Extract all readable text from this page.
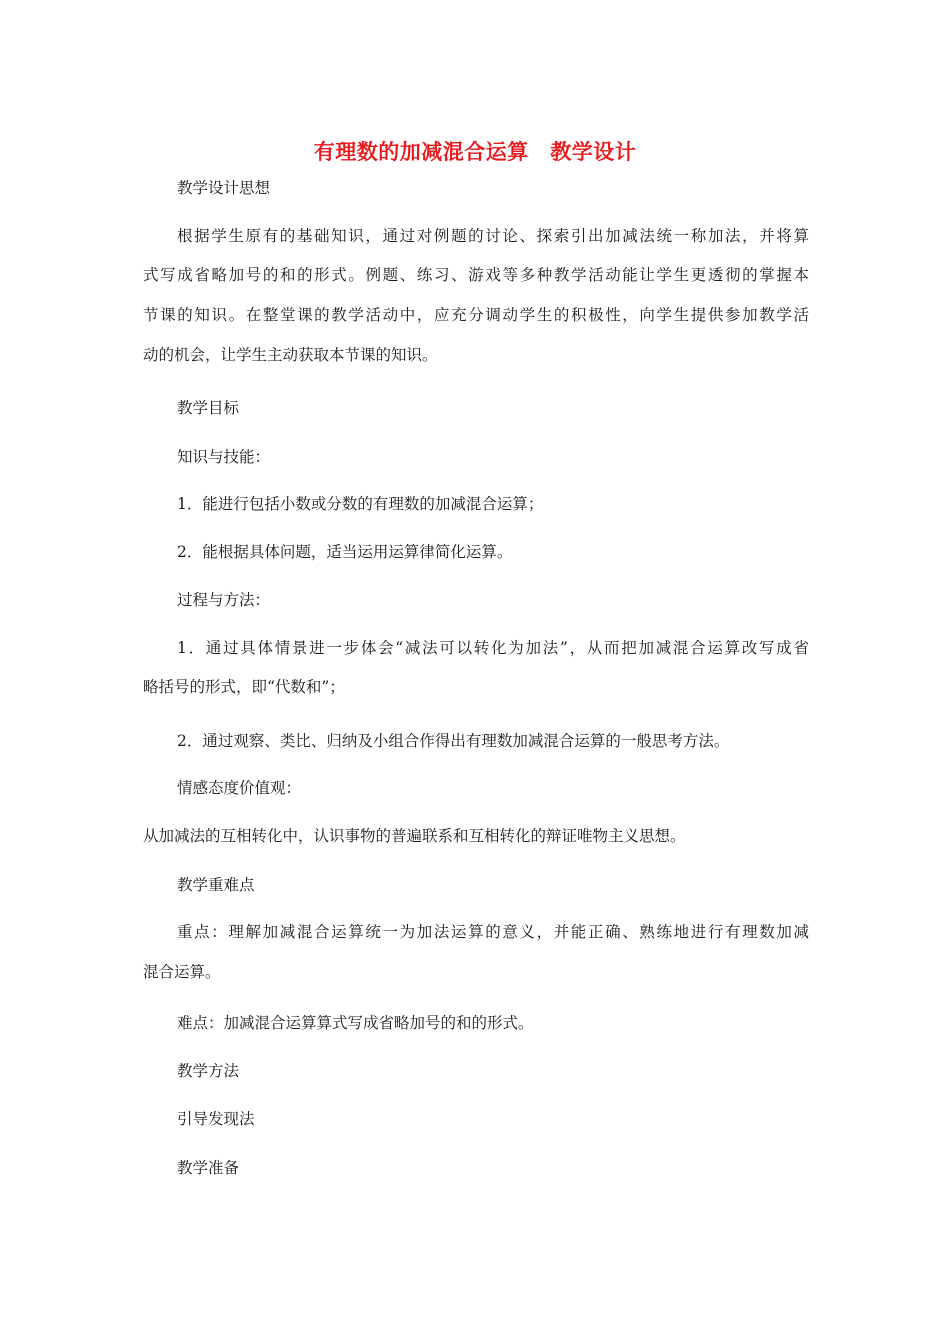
有理数的加减混合运算　教学设计
教学设计思想
根据学生原有的基础知识，通过对例题的讨论、探索引出加减法统一称加法，并将算
式写成省略加号的和的形式。例题、练习、游戏等多种教学活动能让学生更透彻的掌握本
节课的知识。在整堂课的教学活动中，应充分调动学生的积极性，向学生提供参加教学活
动的机会，让学生主动获取本节课的知识。
教学目标
知识与技能：
1．能进行包括小数或分数的有理数的加减混合运算；
2．能根据具体问题，适当运用运算律简化运算。
过程与方法：
1．通过具体情景进一步体会“减法可以转化为加法”，从而把加减混合运算改写成省
略括号的形式，即“代数和”；
2．通过观察、类比、归纳及小组合作得出有理数加减混合运算的一般思考方法。
情感态度价值观：
从加减法的互相转化中，认识事物的普遍联系和互相转化的辩证唯物主义思想。
教学重难点
重点：理解加减混合运算统一为加法运算的意义，并能正确、熟练地进行有理数加减
混合运算。
难点：加减混合运算算式写成省略加号的和的形式。
教学方法
引导发现法
教学准备
